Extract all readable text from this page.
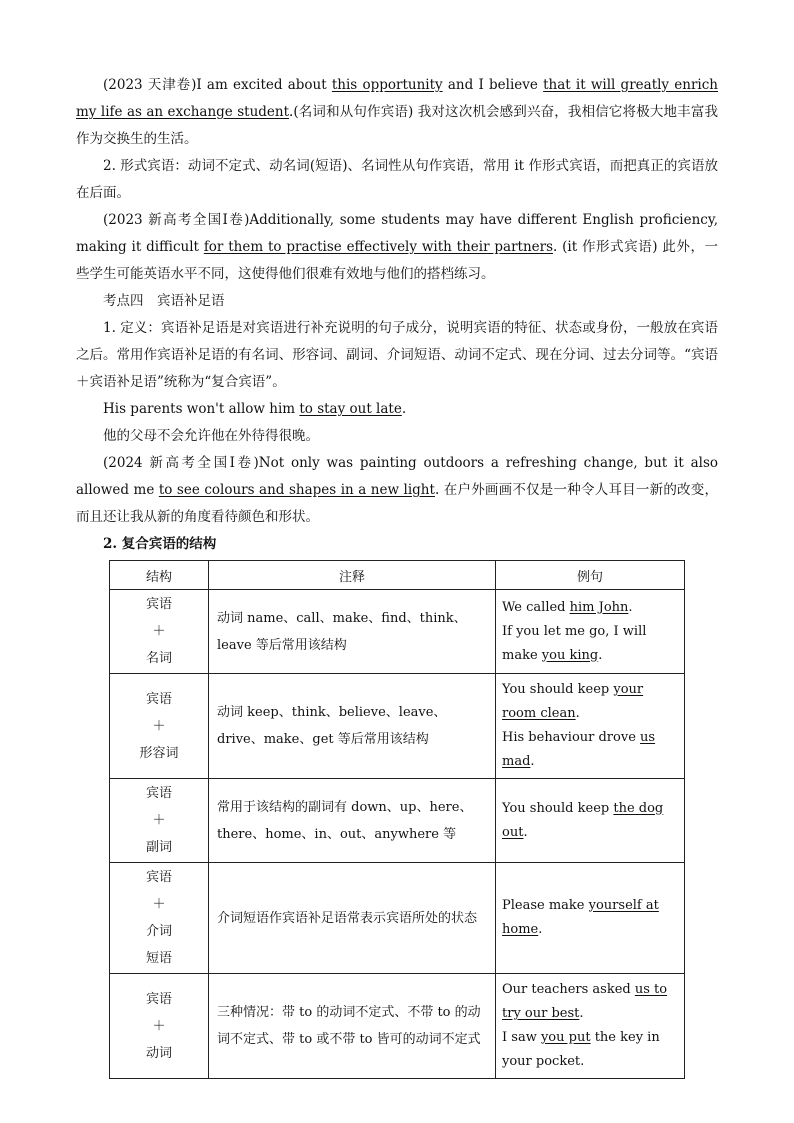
(2023 天津卷)I am excited about this opportunity and I believe that it will greatly enrich my life as an exchange student.(名词和从句作宾语) 我对这次机会感到兴奋，我相信它将极大地丰富我作为交换生的生活。

2. 形式宾语：动词不定式、动名词(短语)、名词性从句作宾语，常用 it 作形式宾语，而把真正的宾语放在后面。

(2023 新高考全国Ⅰ卷)Additionally, some students may have different English proficiency, making it difficult for them to practise effectively with their partners. (it 作形式宾语) 此外，一些学生可能英语水平不同，这使得他们很难有效地与他们的搭档练习。

考点四　宾语补足语

1. 定义：宾语补足语是对宾语进行补充说明的句子成分，说明宾语的特征、状态或身份，一般放在宾语之后。常用作宾语补足语的有名词、形容词、副词、介词短语、动词不定式、现在分词、过去分词等。“宾语＋宾语补足语”统称为“复合宾语”。

His parents won't allow him to stay out late.

他的父母不会允许他在外待得很晚。

(2024 新高考全国Ⅰ卷)Not only was painting outdoors a refreshing change, but it also allowed me to see colours and shapes in a new light. 在户外画画不仅是一种令人耳目一新的改变，而且还让我从新的角度看待颜色和形状。

2. 复合宾语的结构

结构	注释	例句

宾语
＋
名词	动词 name、call、make、find、think、leave 等后常用该结构	We called him John.
If you let me go, I will make you king.

宾语
＋
形容词	动词 keep、think、believe、leave、drive、make、get 等后常用该结构	You should keep your room clean.
His behaviour drove us mad.

宾语
＋
副词	常用于该结构的副词有 down、up、here、there、home、in、out、anywhere 等	You should keep the dog out.

宾语
＋
介词
短语	介词短语作宾语补足语常表示宾语所处的状态	Please make yourself at home.

宾语
＋
动词	三种情况：带 to 的动词不定式、不带 to 的动词不定式、带 to 或不带 to 皆可的动词不定式	Our teachers asked us to try our best.
I saw you put the key in your pocket.
